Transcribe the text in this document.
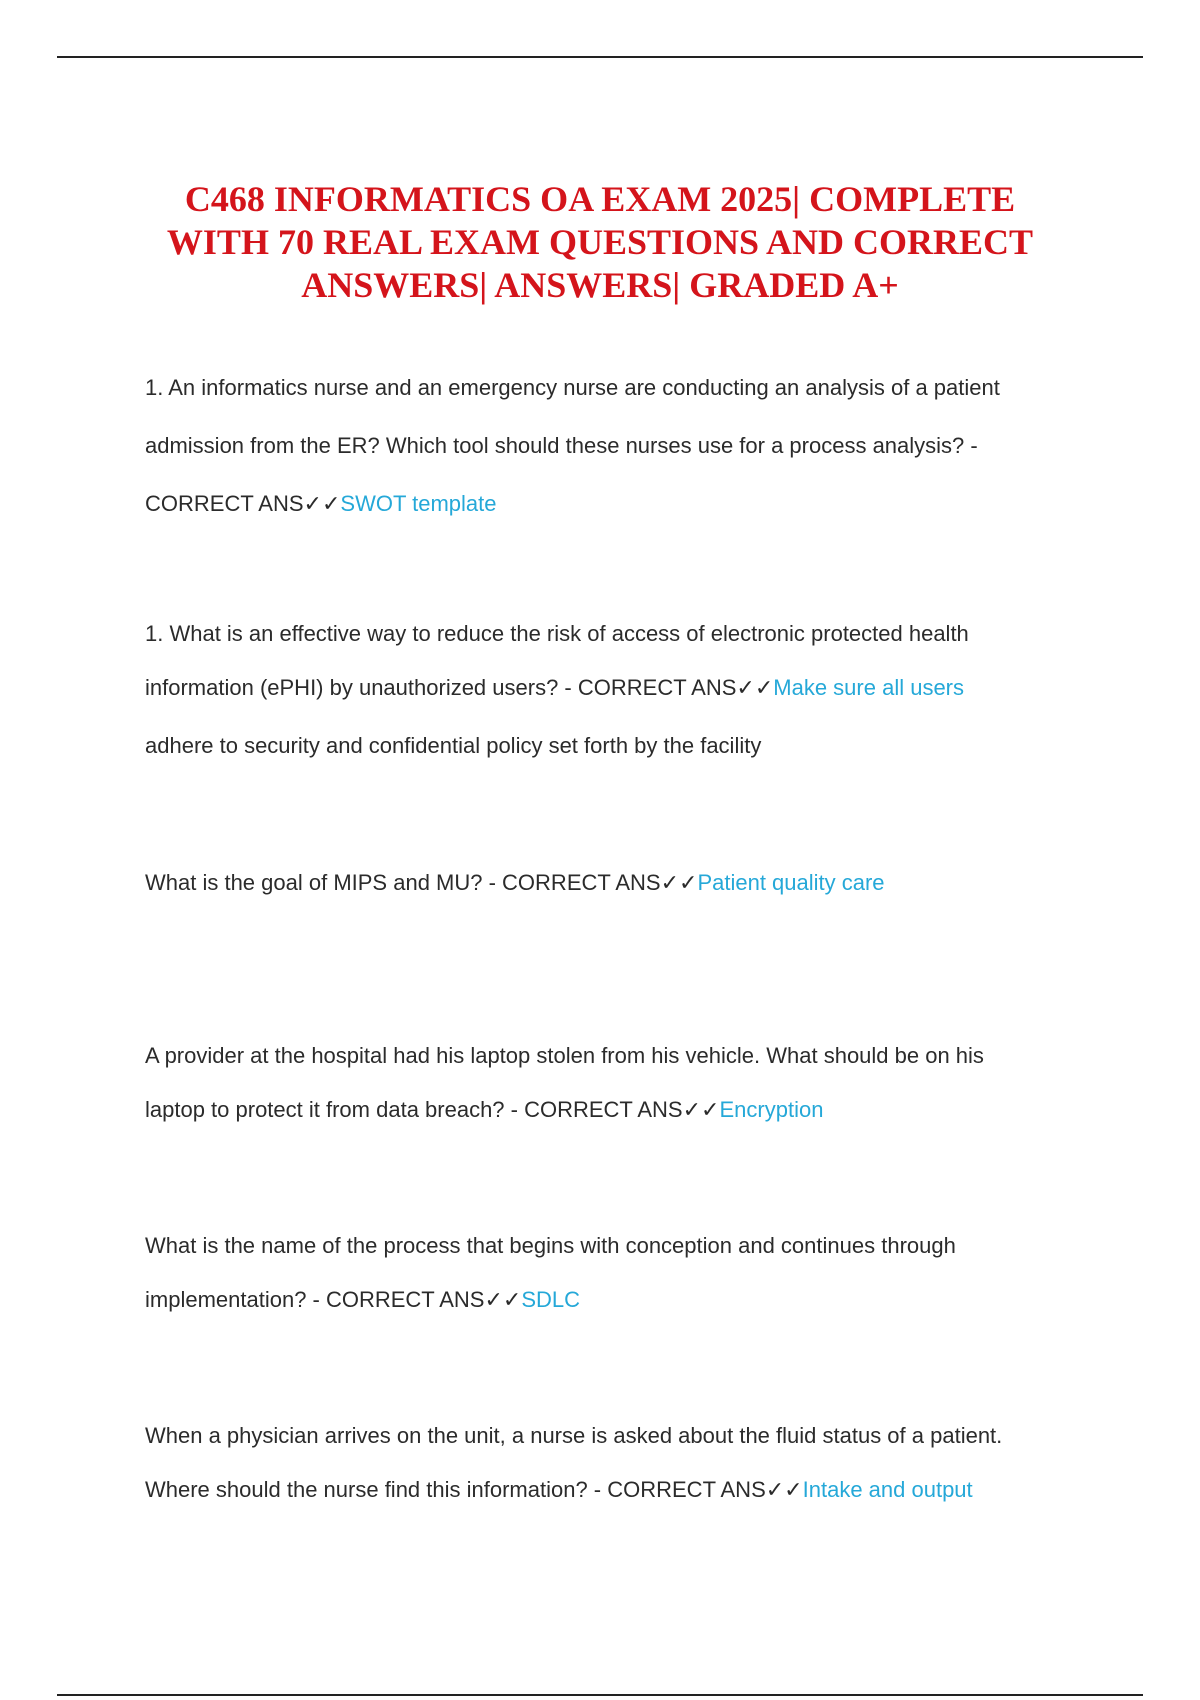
C468 INFORMATICS OA EXAM 2025| COMPLETE
WITH 70 REAL EXAM QUESTIONS AND CORRECT
ANSWERS| ANSWERS| GRADED A+
1. An informatics nurse and an emergency nurse are conducting an analysis of a patient
admission from the ER? Which tool should these nurses use for a process analysis? -
CORRECT ANS✓✓SWOT template
1. What is an effective way to reduce the risk of access of electronic protected health
information (ePHI) by unauthorized users? - CORRECT ANS✓✓Make sure all users
adhere to security and confidential policy set forth by the facility
What is the goal of MIPS and MU? - CORRECT ANS✓✓Patient quality care
A provider at the hospital had his laptop stolen from his vehicle. What should be on his
laptop to protect it from data breach? - CORRECT ANS✓✓Encryption
What is the name of the process that begins with conception and continues through
implementation? - CORRECT ANS✓✓SDLC
When a physician arrives on the unit, a nurse is asked about the fluid status of a patient.
Where should the nurse find this information? - CORRECT ANS✓✓Intake and output
